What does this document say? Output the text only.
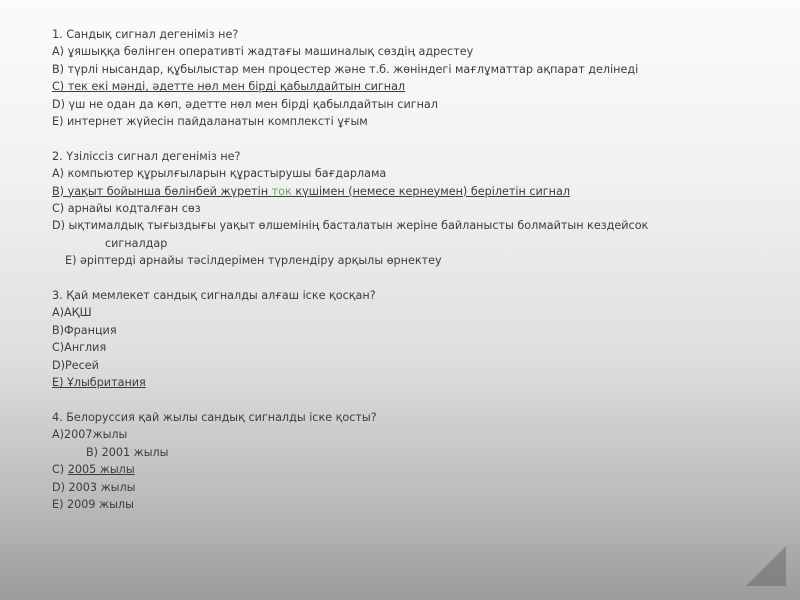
1. Сандық сигнал дегеніміз не?
А) ұяшыққа бөлінген оперативті жадтағы машиналық сөздің адрестеу
В) түрлі нысандар, құбылыстар мен процестер және т.б. жөніндегі мағлұматтар ақпарат делінеді
С) тек екі мәнді, әдетте нөл мен бірді қабылдайтын сигнал
D) үш не одан да көп, әдетте нөл мен бірді қабылдайтын сигнал
Е) интернет жүйесін пайдаланатын комплексті ұғым
2. Үзіліссіз сигнал дегеніміз не?
А) компьютер құрылғыларын құрастырушы бағдарлама
В) уақыт бойынша бөлінбей жүретін ток күшімен (немесе кернеумен) берілетін сигнал
С) арнайы кодталған сөз
D) ықтималдық тығыздығы уақыт өлшемінің басталатын жеріне байланысты болмайтын кездейсок
сигналдар
Е) әріптерді арнайы тәсілдерімен түрлендіру арқылы өрнектеу
3. Қай мемлекет сандық сигналды алғаш іске қосқан?
А)АҚШ
В)Франция
С)Англия
D)Ресей
Е) Ұлыбритания
4. Белоруссия қай жылы сандық сигналды іске қосты?
А)2007жылы
В) 2001 жылы
С) 2005 жылы
D) 2003 жылы
Е) 2009 жылы
